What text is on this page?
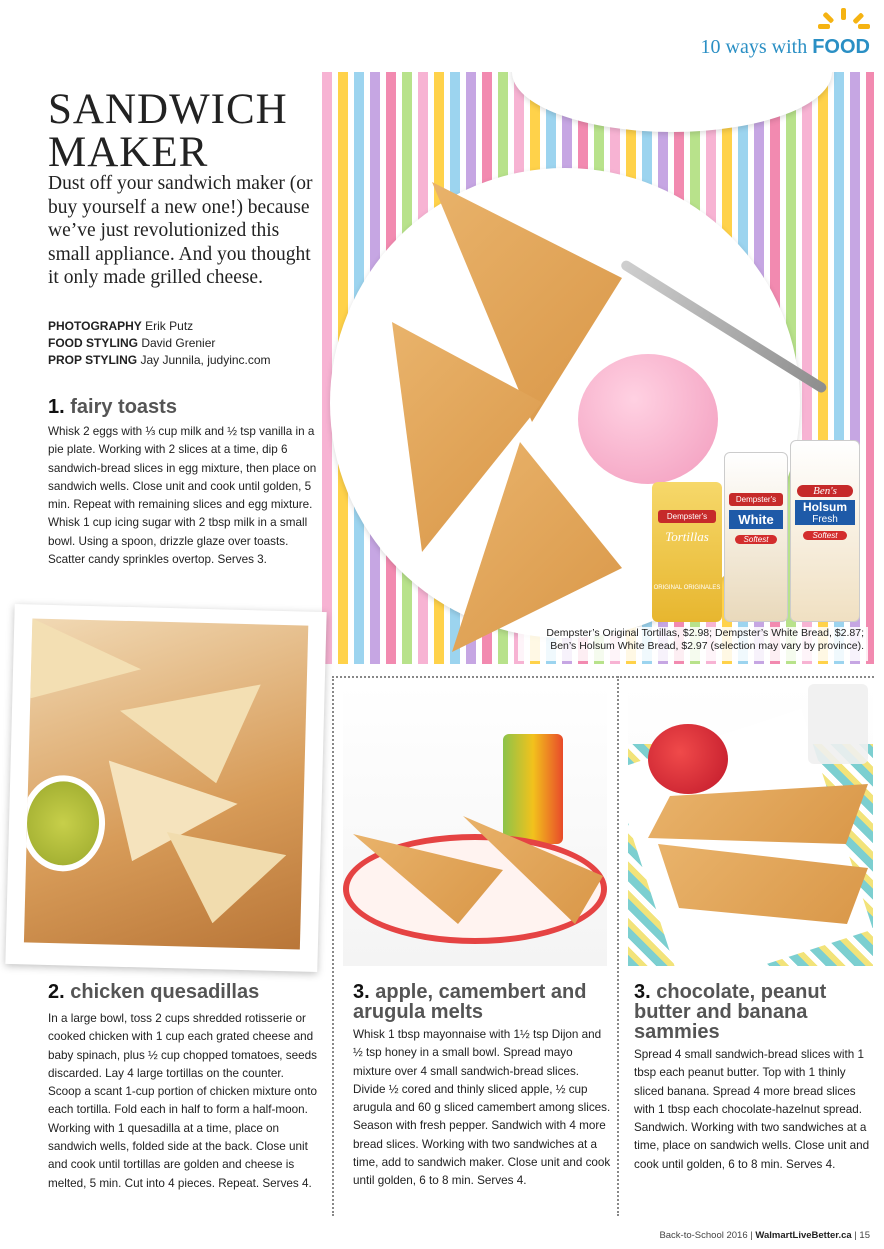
10 ways with FOOD
SANDWICH
MAKER
Dust off your sandwich maker (or buy yourself a new one!) because we’ve just revolutionized this small appliance. And you thought it only made grilled cheese.
PHOTOGRAPHY Erik Putz
FOOD STYLING David Grenier
PROP STYLING Jay Junnila, judyinc.com
1. fairy toasts
Whisk 2 eggs with ⅓ cup milk and ½ tsp vanilla in a pie plate. Working with 2 slices at a time, dip 6 sandwich-bread slices in egg mixture, then place on sandwich wells. Close unit and cook until golden, 5 min. Repeat with remaining slices and egg mixture. Whisk 1 cup icing sugar with 2 tbsp milk in a small bowl. Using a spoon, drizzle glaze over toasts. Scatter candy sprinkles overtop. Serves 3.
Dempster's
Tortillas
ORIGINAL ORIGINALES
Dempster's
White
Softest
Ben's
Holsum
Fresh
Softest
Dempster’s Original Tortillas, $2.98; Dempster’s White Bread, $2.87; Ben’s Holsum White Bread, $2.97 (selection may vary by province).
2. chicken quesadillas
In a large bowl, toss 2 cups shredded rotisserie or cooked chicken with 1 cup each grated cheese and baby spinach, plus ½ cup chopped tomatoes, seeds discarded. Lay 4 large tortillas on the counter. Scoop a scant 1-cup portion of chicken mixture onto each tortilla. Fold each in half to form a half-moon. Working with 1 quesadilla at a time, place on sandwich wells, folded side at the back. Close unit and cook until tortillas are golden and cheese is melted, 5 min. Cut into 4 pieces. Repeat. Serves 4.
3. apple, camembert and arugula melts
Whisk 1 tbsp mayonnaise with 1½ tsp Dijon and ½ tsp honey in a small bowl. Spread mayo mixture over 4 small sandwich-bread slices. Divide ½ cored and thinly sliced apple, ½ cup arugula and 60 g sliced camembert among slices. Season with fresh pepper. Sandwich with 4 more bread slices. Working with two sandwiches at a time, add to sandwich maker. Close unit and cook until golden, 6 to 8 min. Serves 4.
3. chocolate, peanut butter and banana sammies
Spread 4 small sandwich-bread slices with 1 tbsp each peanut butter. Top with 1 thinly sliced banana. Spread 4 more bread slices with 1 tbsp each chocolate-hazelnut spread. Sandwich. Working with two sandwiches at a time, place on sandwich wells. Close unit and cook until golden, 6 to 8 min. Serves 4.
Back-to-School 2016 | WalmartLiveBetter.ca | 15
